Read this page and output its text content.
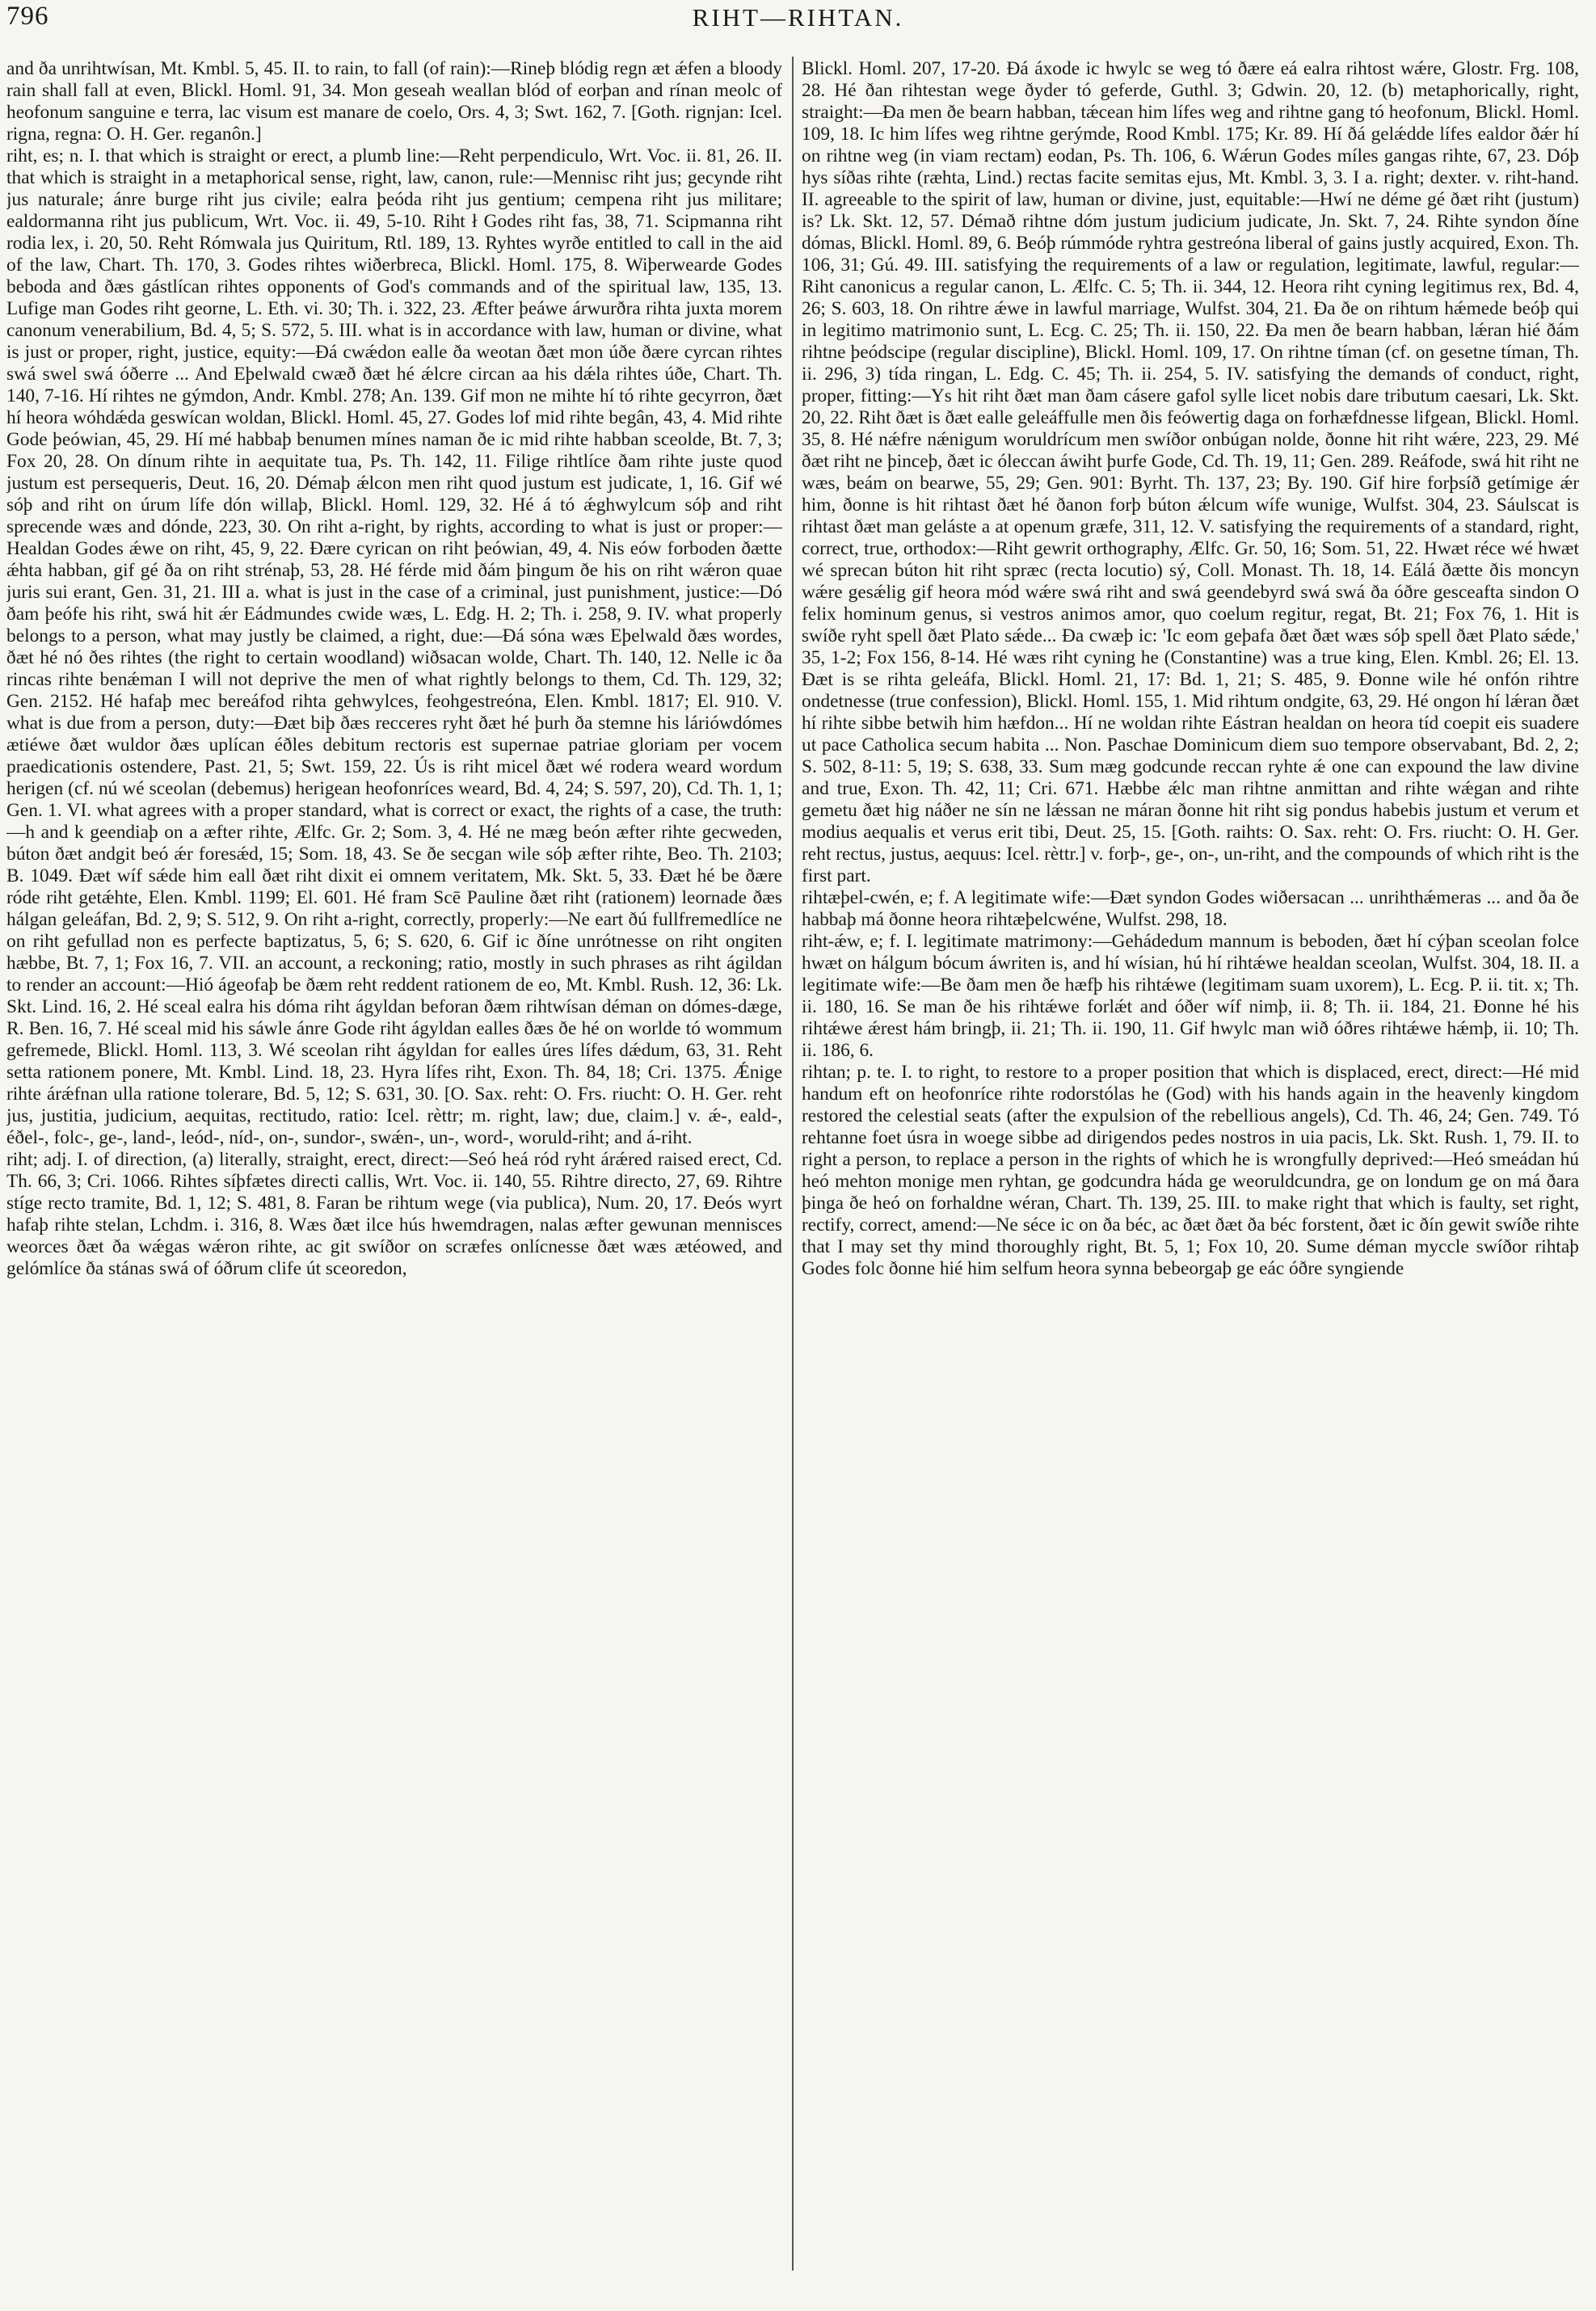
796	RIHT—RIHTAN.

and ða unrihtwísan, Mt. Kmbl. 5, 45. II. to rain, to fall (of rain):—Rineþ blódig regn æt ǽfen a bloody rain shall fall at even, Blickl. Homl. 91, 34. Mon geseah weallan blód of eorþan and rínan meolc of heofonum sanguine e terra, lac visum est manare de coelo, Ors. 4, 3; Swt. 162, 7. [Goth. rignjan: Icel. rigna, regna: O. H. Ger. reganôn.]

riht, es; n. I. that which is straight or erect, a plumb line:—Reht perpendiculo, Wrt. Voc. ii. 81, 26. II. that which is straight in a metaphorical sense, right, law, canon, rule:—Mennisc riht jus; gecynde riht jus naturale; ánre burge riht jus civile; ealra þeóda riht jus gentium; cempena riht jus militare; ealdormanna riht jus publicum, Wrt. Voc. ii. 49, 5-10. Riht ł Godes riht fas, 38, 71. Scipmanna riht rodia lex, i. 20, 50. Reht Rómwala jus Quiritum, Rtl. 189, 13. Ryhtes wyrðe entitled to call in the aid of the law, Chart. Th. 170, 3. Godes rihtes wiðerbreca, Blickl. Homl. 175, 8. Wiþerwearde Godes beboda and ðæs gástlícan rihtes opponents of God's commands and of the spiritual law, 135, 13. Lufige man Godes riht georne, L. Eth. vi. 30; Th. i. 322, 23. Æfter þeáwe árwurðra rihta juxta morem canonum venerabilium, Bd. 4, 5; S. 572, 5. III. what is in accordance with law, human or divine, what is just or proper, right, justice, equity:—Ðá cwǽdon ealle ða weotan ðæt mon úðe ðære cyrcan rihtes swá swel swá óðerre ... And Eþelwald cwæð ðæt hé ǽlcre circan aa his dǽla rihtes úðe, Chart. Th. 140, 7-16. Hí rihtes ne gýmdon, Andr. Kmbl. 278; An. 139. Gif mon ne mihte hí tó rihte gecyrron, ðæt hí heora wóhdǽda geswícan woldan, Blickl. Homl. 45, 27. Godes lof mid rihte begân, 43, 4. Mid rihte Gode þeówian, 45, 29. Hí mé habbaþ benumen mínes naman ðe ic mid rihte habban sceolde, Bt. 7, 3; Fox 20, 28. On dínum rihte in aequitate tua, Ps. Th. 142, 11. Filige rihtlíce ðam rihte juste quod justum est persequeris, Deut. 16, 20. Démaþ ǽlcon men riht quod justum est judicate, 1, 16. Gif wé sóþ and riht on úrum lífe dón willaþ, Blickl. Homl. 129, 32. Hé á tó ǽghwylcum sóþ and riht sprecende wæs and dónde, 223, 30. On riht a-right, by rights, according to what is just or proper:—Healdan Godes ǽwe on riht, 45, 9, 22. Ðære cyrican on riht þeówian, 49, 4. Nis eów forboden ðætte ǽhta habban, gif gé ða on riht strénaþ, 53, 28. Hé férde mid ðám þingum ðe his on riht wǽron quae juris sui erant, Gen. 31, 21. III a. what is just in the case of a criminal, just punishment, justice:—Dó ðam þeófe his riht, swá hit ǽr Eádmundes cwide wæs, L. Edg. H. 2; Th. i. 258, 9. IV. what properly belongs to a person, what may justly be claimed, a right, due:—Ðá sóna wæs Eþelwald ðæs wordes, ðæt hé nó ðes rihtes (the right to certain woodland) wiðsacan wolde, Chart. Th. 140, 12. Nelle ic ða rincas rihte benǽman I will not deprive the men of what rightly belongs to them, Cd. Th. 129, 32; Gen. 2152. Hé hafaþ mec bereáfod rihta gehwylces, feohgestreóna, Elen. Kmbl. 1817; El. 910. V. what is due from a person, duty:—Ðæt biþ ðæs recceres ryht ðæt hé þurh ða stemne his láriówdómes ætiéwe ðæt wuldor ðæs uplícan éðles debitum rectoris est supernae patriae gloriam per vocem praedicationis ostendere, Past. 21, 5; Swt. 159, 22. Ús is riht micel ðæt wé rodera weard wordum herigen (cf. nú wé sceolan (debemus) herigean heofonríces weard, Bd. 4, 24; S. 597, 20), Cd. Th. 1, 1; Gen. 1. VI. what agrees with a proper standard, what is correct or exact, the rights of a case, the truth:—h and k geendiaþ on a æfter rihte, Ælfc. Gr. 2; Som. 3, 4. Hé ne mæg beón æfter rihte gecweden, búton ðæt andgit beó ǽr foresǽd, 15; Som. 18, 43. Se ðe secgan wile sóþ æfter rihte, Beo. Th. 2103; B. 1049. Ðæt wíf sǽde him eall ðæt riht dixit ei omnem veritatem, Mk. Skt. 5, 33. Ðæt hé be ðære róde riht getǽhte, Elen. Kmbl. 1199; El. 601. Hé fram Scē Pauline ðæt riht (rationem) leornade ðæs hálgan geleáfan, Bd. 2, 9; S. 512, 9. On riht a-right, correctly, properly:—Ne eart ðú fullfremedlíce ne on riht gefullad non es perfecte baptizatus, 5, 6; S. 620, 6. Gif ic ðíne unrótnesse on riht ongiten hæbbe, Bt. 7, 1; Fox 16, 7. VII. an account, a reckoning; ratio, mostly in such phrases as riht ágildan to render an account:—Hió ágeofaþ be ðæm reht reddent rationem de eo, Mt. Kmbl. Rush. 12, 36: Lk. Skt. Lind. 16, 2. Hé sceal ealra his dóma riht ágyldan beforan ðæm rihtwísan déman on dómes-dæge, R. Ben. 16, 7. Hé sceal mid his sáwle ánre Gode riht ágyldan ealles ðæs ðe hé on worlde tó wommum gefremede, Blickl. Homl. 113, 3. Wé sceolan riht ágyldan for ealles úres lífes dǽdum, 63, 31. Reht setta rationem ponere, Mt. Kmbl. Lind. 18, 23. Hyra lífes riht, Exon. Th. 84, 18; Cri. 1375. Ǽnige rihte árǽfnan ulla ratione tolerare, Bd. 5, 12; S. 631, 30. [O. Sax. reht: O. Frs. riucht: O. H. Ger. reht jus, justitia, judicium, aequitas, rectitudo, ratio: Icel. rèttr; m. right, law; due, claim.] v. ǽ-, eald-, éðel-, folc-, ge-, land-, leód-, níd-, on-, sundor-, swǽn-, un-, word-, woruld-riht; and á-riht.

riht; adj. I. of direction, (a) literally, straight, erect, direct:—Seó heá ród ryht árǽred raised erect, Cd. Th. 66, 3; Cri. 1066. Rihtes síþfætes directi callis, Wrt. Voc. ii. 140, 55. Rihtre directo, 27, 69. Rihtre stíge recto tramite, Bd. 1, 12; S. 481, 8. Faran be rihtum wege (via publica), Num. 20, 17. Ðeós wyrt hafaþ rihte stelan, Lchdm. i. 316, 8. Wæs ðæt ilce hús hwemdragen, nalas æfter gewunan mennisces weorces ðæt ða wǽgas wǽron rihte, ac git swíðor on scræfes onlícnesse ðæt wæs ætéowed, and gelómlíce ða stánas swá of óðrum clife út sceoredon,

Blickl. Homl. 207, 17-20. Ðá áxode ic hwylc se weg tó ðære eá ealra rihtost wǽre, Glostr. Frg. 108, 28. Hé ðan rihtestan wege ðyder tó geferde, Guthl. 3; Gdwin. 20, 12. (b) metaphorically, right, straight:—Ða men ðe bearn habban, tǽcean him lífes weg and rihtne gang tó heofonum, Blickl. Homl. 109, 18. Ic him lífes weg rihtne gerýmde, Rood Kmbl. 175; Kr. 89. Hí ðá gelǽdde lífes ealdor ðǽr hí on rihtne weg (in viam rectam) eodan, Ps. Th. 106, 6. Wǽrun Godes míles gangas rihte, 67, 23. Dóþ hys síðas rihte (ræhta, Lind.) rectas facite semitas ejus, Mt. Kmbl. 3, 3. I a. right; dexter. v. riht-hand. II. agreeable to the spirit of law, human or divine, just, equitable:—Hwí ne déme gé ðæt riht (justum) is? Lk. Skt. 12, 57. Démað rihtne dóm justum judicium judicate, Jn. Skt. 7, 24. Rihte syndon ðíne dómas, Blickl. Homl. 89, 6. Beóþ rúmmóde ryhtra gestreóna liberal of gains justly acquired, Exon. Th. 106, 31; Gú. 49. III. satisfying the requirements of a law or regulation, legitimate, lawful, regular:—Riht canonicus a regular canon, L. Ælfc. C. 5; Th. ii. 344, 12. Heora riht cyning legitimus rex, Bd. 4, 26; S. 603, 18. On rihtre ǽwe in lawful marriage, Wulfst. 304, 21. Ða ðe on rihtum hǽmede beóþ qui in legitimo matrimonio sunt, L. Ecg. C. 25; Th. ii. 150, 22. Ða men ðe bearn habban, lǽran hié ðám rihtne þeódscipe (regular discipline), Blickl. Homl. 109, 17. On rihtne tíman (cf. on gesetne tíman, Th. ii. 296, 3) tída ringan, L. Edg. C. 45; Th. ii. 254, 5. IV. satisfying the demands of conduct, right, proper, fitting:—Ys hit riht ðæt man ðam cásere gafol sylle licet nobis dare tributum caesari, Lk. Skt. 20, 22. Riht ðæt is ðæt ealle geleáffulle men ðis feówertig daga on forhæfdnesse lifgean, Blickl. Homl. 35, 8. Hé nǽfre nǽnigum woruldrícum men swíðor onbúgan nolde, ðonne hit riht wǽre, 223, 29. Mé ðæt riht ne þinceþ, ðæt ic óleccan áwiht þurfe Gode, Cd. Th. 19, 11; Gen. 289. Reáfode, swá hit riht ne wæs, beám on bearwe, 55, 29; Gen. 901: Byrht. Th. 137, 23; By. 190. Gif hire forþsíð getímige ǽr him, ðonne is hit rihtast ðæt hé ðanon forþ búton ǽlcum wífe wunige, Wulfst. 304, 23. Sáulscat is rihtast ðæt man geláste a at openum græfe, 311, 12. V. satisfying the requirements of a standard, right, correct, true, orthodox:—Riht gewrit orthography, Ælfc. Gr. 50, 16; Som. 51, 22. Hwæt réce wé hwæt wé sprecan búton hit riht spræc (recta locutio) sý, Coll. Monast. Th. 18, 14. Eálá ðætte ðis moncyn wǽre gesǽlig gif heora mód wǽre swá riht and swá geendebyrd swá swá ða óðre gesceafta sindon O felix hominum genus, si vestros animos amor, quo coelum regitur, regat, Bt. 21; Fox 76, 1. Hit is swíðe ryht spell ðæt Plato sǽde... Ða cwæþ ic: 'Ic eom geþafa ðæt ðæt wæs sóþ spell ðæt Plato sǽde,' 35, 1-2; Fox 156, 8-14. Hé wæs riht cyning he (Constantine) was a true king, Elen. Kmbl. 26; El. 13. Ðæt is se rihta geleáfa, Blickl. Homl. 21, 17: Bd. 1, 21; S. 485, 9. Ðonne wile hé onfón rihtre ondetnesse (true confession), Blickl. Homl. 155, 1. Mid rihtum ondgite, 63, 29. Hé ongon hí lǽran ðæt hí rihte sibbe betwih him hæfdon... Hí ne woldan rihte Eástran healdan on heora tíd coepit eis suadere ut pace Catholica secum habita ... Non. Paschae Dominicum diem suo tempore observabant, Bd. 2, 2; S. 502, 8-11: 5, 19; S. 638, 33. Sum mæg godcunde reccan ryhte ǽ one can expound the law divine and true, Exon. Th. 42, 11; Cri. 671. Hæbbe ǽlc man rihtne anmittan and rihte wǽgan and rihte gemetu ðæt hig náðer ne sín ne lǽssan ne máran ðonne hit riht sig pondus habebis justum et verum et modius aequalis et verus erit tibi, Deut. 25, 15. [Goth. raihts: O. Sax. reht: O. Frs. riucht: O. H. Ger. reht rectus, justus, aequus: Icel. rèttr.] v. forþ-, ge-, on-, un-riht, and the compounds of which riht is the first part.

rihtæþel-cwén, e; f. A legitimate wife:—Ðæt syndon Godes wiðersacan ... unrihthǽmeras ... and ða ðe habbaþ má ðonne heora rihtæþelcwéne, Wulfst. 298, 18.

riht-ǽw, e; f. I. legitimate matrimony:—Gehádedum mannum is beboden, ðæt hí cýþan sceolan folce hwæt on hálgum bócum áwriten is, and hí wísian, hú hí rihtǽwe healdan sceolan, Wulfst. 304, 18. II. a legitimate wife:—Be ðam men ðe hæfþ his rihtǽwe (legitimam suam uxorem), L. Ecg. P. ii. tit. x; Th. ii. 180, 16. Se man ðe his rihtǽwe forlǽt and óðer wíf nimþ, ii. 8; Th. ii. 184, 21. Ðonne hé his rihtǽwe ǽrest hám bringþ, ii. 21; Th. ii. 190, 11. Gif hwylc man wið óðres rihtǽwe hǽmþ, ii. 10; Th. ii. 186, 6.

rihtan; p. te. I. to right, to restore to a proper position that which is displaced, erect, direct:—Hé mid handum eft on heofonríce rihte rodorstólas he (God) with his hands again in the heavenly kingdom restored the celestial seats (after the expulsion of the rebellious angels), Cd. Th. 46, 24; Gen. 749. Tó rehtanne foet úsra in woege sibbe ad dirigendos pedes nostros in uia pacis, Lk. Skt. Rush. 1, 79. II. to right a person, to replace a person in the rights of which he is wrongfully deprived:—Heó smeádan hú heó mehton monige men ryhtan, ge godcundra háda ge weoruldcundra, ge on londum ge on má ðara þinga ðe heó on forhaldne wéran, Chart. Th. 139, 25. III. to make right that which is faulty, set right, rectify, correct, amend:—Ne séce ic on ða béc, ac ðæt ðæt ða béc forstent, ðæt ic ðín gewit swíðe rihte that I may set thy mind thoroughly right, Bt. 5, 1; Fox 10, 20. Sume déman myccle swíðor rihtaþ Godes folc ðonne hié him selfum heora synna bebeorgaþ ge eác óðre syngiende
